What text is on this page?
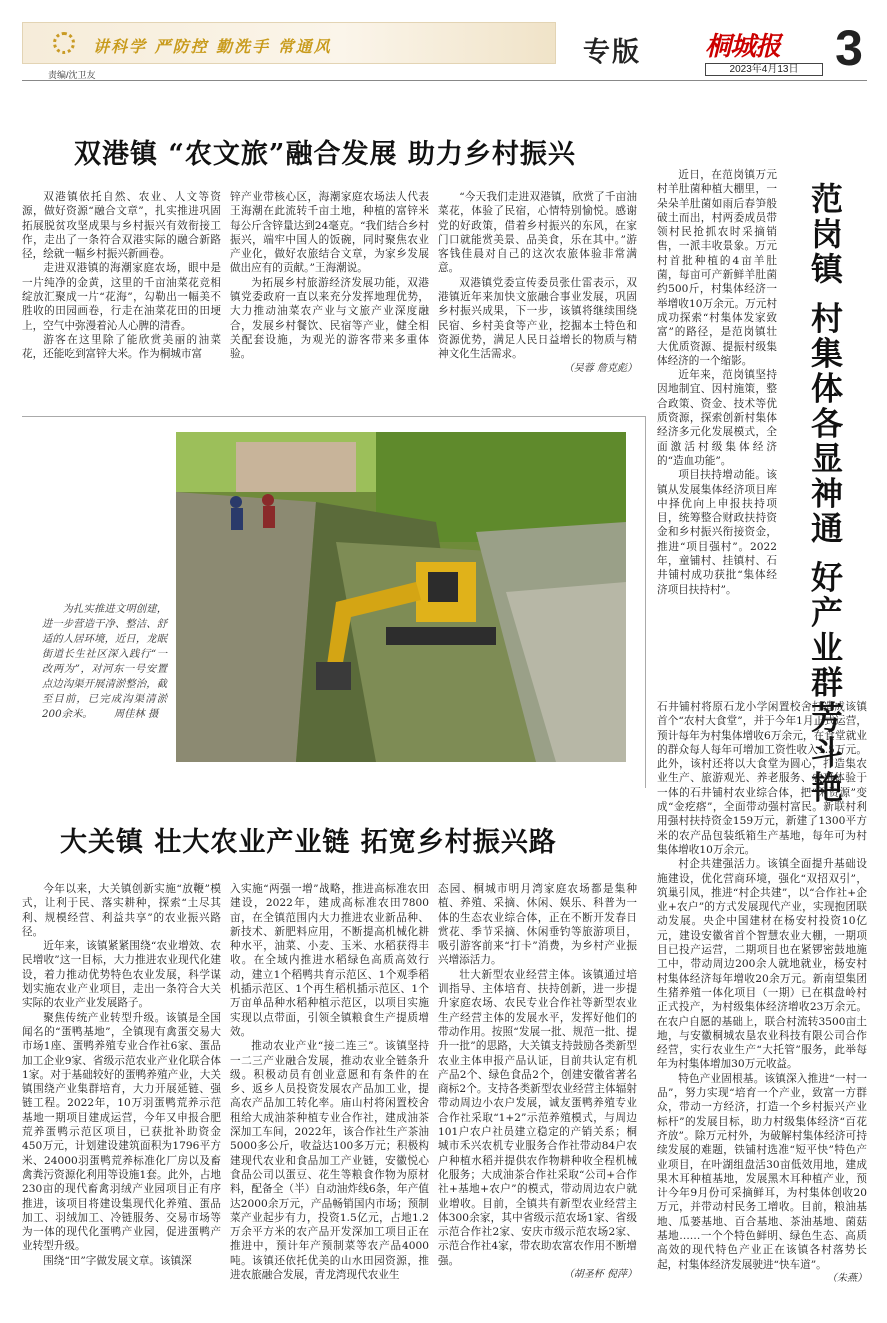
讲科学 严防控 勤洗手 常通风	专版 桐城报 3
2023年4月13日
责编/沈卫友
双港镇 “农文旅”融合发展 助力乡村振兴

双港镇依托自然、农业、人文等资源，做好资源“融合文章”，扎实推进巩固拓展脱贫攻坚成果与乡村振兴有效衔接工作，走出了一条符合双港实际的融合新路径，绘就一幅乡村振兴新画卷。

走进双港镇的海潮家庭农场，眼中是一片纯净的金黄，这里的千亩油菜花竞相绽放汇聚成一片“花海”，勾勒出一幅美不胜收的田园画卷，行走在油菜花田的田埂上，空气中弥漫着沁人心脾的清香。

游客在这里除了能欣赏美丽的油菜花，还能吃到富锌大米。作为桐城市富

锌产业带核心区，海潮家庭农场法人代表王海潮在此流转千亩土地，种植的富锌米每公斤含锌量达到24毫克。“我们结合乡村振兴，端牢中国人的饭碗，同时聚焦农业产业化，做好农旅结合文章，为家乡发展做出应有的贡献。”王海潮说。

为拓展乡村旅游经济发展功能，双港镇党委政府一直以来充分发挥地理优势，大力推动油菜农产业与文旅产业深度融合，发展乡村餐饮、民宿等产业，健全相关配套设施，为观光的游客带来多重体验。

“今天我们走进双港镇，欣赏了千亩油菜花，体验了民宿，心情特别愉悦。感谢党的好政策，借着乡村振兴的东风，在家门口就能赏美景、品美食，乐在其中。”游客钱佳晨对自己的这次农旅体验非常满意。

双港镇党委宣传委员张仕雷表示，双港镇近年来加快文旅融合事业发展，巩固乡村振兴成果，下一步，该镇将继续围绕民宿、乡村美食等产业，挖掘本土特色和资源优势，满足人民日益增长的物质与精神文化生活需求。

（吴蓉 詹克彪）

为扎实推进文明创建，进一步营造干净、整洁、舒适的人居环境，近日，龙眠街道长生社区深入践行“一改两为”，对河东一号安置点边沟渠开展清淤整治，截至目前，已完成沟渠清淤200余米。 周佳林 摄
大关镇 壮大农业产业链 拓宽乡村振兴路

今年以来，大关镇创新实施“放鞭”模式，让利于民、落实耕种，探索“土尽其利、规模经营、利益共享”的农业振兴路径。

近年来，该镇紧紧围绕“农业增效、农民增收”这一目标，大力推进农业现代化建设，着力推动优势特色农业发展，科学谋划实施农业产业项目，走出一条符合大关实际的农业产业发展路子。

聚焦传统产业转型升级。该镇是全国闻名的“蛋鸭基地”，全镇现有禽蛋交易大市场1座、蛋鸭养殖专业合作社6家、蛋品加工企业9家、省级示范农业产业化联合体1家。对于基础较好的蛋鸭养殖产业，大关镇围绕产业集群培育，大力开展延链、强链工程。2022年，10万羽蛋鸭荒养示范基地一期项目建成运营，今年又申报合肥荒养蛋鸭示范区项目，已获批补助资金450万元，计划建设建筑面积为1796平方米、24000羽蛋鸭荒养标准化厂房以及畜禽粪污资源化利用等设施1套。此外，占地230亩的现代畜禽羽绒产业园项目正有序推进，该项目将建设集现代化养殖、蛋品加工、羽绒加工、冷链服务、交易市场等为一体的现代化蛋鸭产业园，促进蛋鸭产业转型升级。

围绕“田”字做发展文章。该镇深

入实施“两强一增”战略，推进高标准农田建设，2022年，建成高标准农田7800亩，在全镇范围内大力推进农业新品种、新技术、新肥料应用，不断提高机械化耕种水平，油菜、小麦、玉米、水稻获得丰收。在全域内推进水稻绿色高质高效行动，建立1个稻鸭共育示范区、1个观季稻机插示范区、1个再生稻机插示范区、1个万亩单品种水稻种植示范区，以项目实施实现以点带面，引领全镇粮食生产提质增效。

推动农业产业“接二连三”。该镇坚持一二三产业融合发展，推动农业全链条升级。积极动员有创业意愿和有条件的在乡、返乡人员投资发展农产品加工业，提高农产品加工转化率。庙山村将闲置校舍租给大成油茶种植专业合作社，建成油茶深加工车间，2022年，该合作社生产茶油5000多公斤，收益达100多万元；积极构建现代农业和食品加工产业链，安徽悦心食品公司以蛋豆、花生等粮食作物为原材料，配备全（半）自动油炸线6条，年产值达2000余万元，产品畅销国内市场；预制菜产业起步有力，投资1.5亿元，占地1.2万余平方米的农产品开发深加工项目正在推进中，预计年产预制菜等农产品4000吨。该镇还依托优美的山水田园资源，推进农旅融合发展，青龙湾现代农业生

态园、桐城市明月湾家庭农场都是集种植、养殖、采摘、休闲、娱乐、科普为一体的生态农业综合体，正在不断开发春日赏花、季节采摘、休闲垂钓等旅游项目，吸引游客前来“打卡”消费，为乡村产业振兴增添活力。

壮大新型农业经营主体。该镇通过培训指导、主体培育、扶持创新，进一步提升家庭农场、农民专业合作社等新型农业生产经营主体的发展水平，发挥好他们的带动作用。按照“发展一批、规范一批、提升一批”的思路，大关镇支持鼓励各类新型农业主体申报产品认证，目前共认定有机产品2个、绿色食品2个，创建安徽省著名商标2个。支持各类新型农业经营主体辐射带动周边小农户发展，诚友蛋鸭养殖专业合作社采取“1+2”示范养殖模式，与周边101户农户社员建立稳定的产销关系；桐城市禾兴农机专业服务合作社带动84户农户种植水稻并提供农作物耕种收全程机械化服务；大成油茶合作社采取“公司+合作社+基地+农户”的模式，带动周边农户就业增收。目前，全镇共有新型农业经营主体300余家，其中省级示范农场1家、省级示范合作社2家、安庆市级示范农场2家、示范合作社4家，带农助农富农作用不断增强。

（胡圣杯 倪萍）

范岗镇 村集体各显神通 好产业群芳斗艳

近日，在范岗镇万元村羊肚菌种植大棚里，一朵朵羊肚菌如雨后春笋般破土而出，村两委成员带领村民抢抓农时采摘销售，一派丰收景象。万元村首批种植的4亩羊肚菌，每亩可产新鲜羊肚菌约500斤，村集体经济一举增收10万余元。万元村成功探索“村集体发家致富”的路径，是范岗镇壮大优质资源、提振村级集体经济的一个缩影。

近年来，范岗镇坚持因地制宜、因村施策，整合政策、资金、技术等优质资源，探索创新村集体经济多元化发展模式，全面激活村级集体经济的“造血功能”。

项目扶持增动能。该镇从发展集体经济项目库中择优向上申报扶持项目，统筹整合财政扶持资金和乡村振兴衔接资金，推进“项目强村”。2022年，童铺村、挂镇村、石井铺村成功获批“集体经济项目扶持村”。

石井铺村将原石龙小学闲置校舍打造成该镇首个“农村大食堂”，并于今年1月正式运营，预计每年为村集体增收6万余元，在食堂就业的群众每人每年可增加工资性收入1.5万元。此外，该村还将以大食堂为圆心，打造集农业生产、旅游观光、养老服务、农事体验于一体的石井铺村农业综合体，把“闲资源”变成“金疙瘩”，全面带动强村富民。新联村利用强村扶持资金159万元，新建了1300平方米的农产品包装纸箱生产基地，每年可为村集体增收10万余元。

村企共建强活力。该镇全面提升基础设施建设，优化营商环境，强化“双招双引”，筑巢引凤，推进“村企共建”，以“合作社+企业+农户”的方式发展现代产业，实现抱团联动发展。央企中国建材在杨安村投资10亿元，建设安徽省首个智慧农业大棚，一期项目已投产运营，二期项目也在紧锣密鼓地施工中，带动周边200余人就地就业，杨安村村集体经济每年增收20余万元。新南望集团生猪养殖一体化项目（一期）已在棋盘岭村正式投产，为村级集体经济增收23万余元。在农户自愿的基础上，联合村流转3500亩土地，与安徽桐城农垦农业科技有限公司合作经营，实行农业生产“大托管”服务，此举每年为村集体增加30万元收益。

特色产业固根基。该镇深入推进“一村一品”，努力实现“培育一个产业，致富一方群众，带动一方经济，打造一个乡村振兴产业标杆”的发展目标，助力村级集体经济“百花齐放”。除万元村外，为破解村集体经济可持续发展的难题，铁铺村选准“短平快”特色产业项目，在叶湖组盘活30亩低效用地，建成果木耳种植基地，发展黑木耳种植产业，预计今年9月份可采摘鲜耳，为村集体创收20万元，并带动村民务工增收。目前，粮油基地、瓜蒌基地、百合基地、茶油基地、菌菇基地……一个个特色鲜明、绿色生态、高质高效的现代特色产业正在该镇各村落势长起，村集体经济发展驶进“快车道”。

（朱燕）
